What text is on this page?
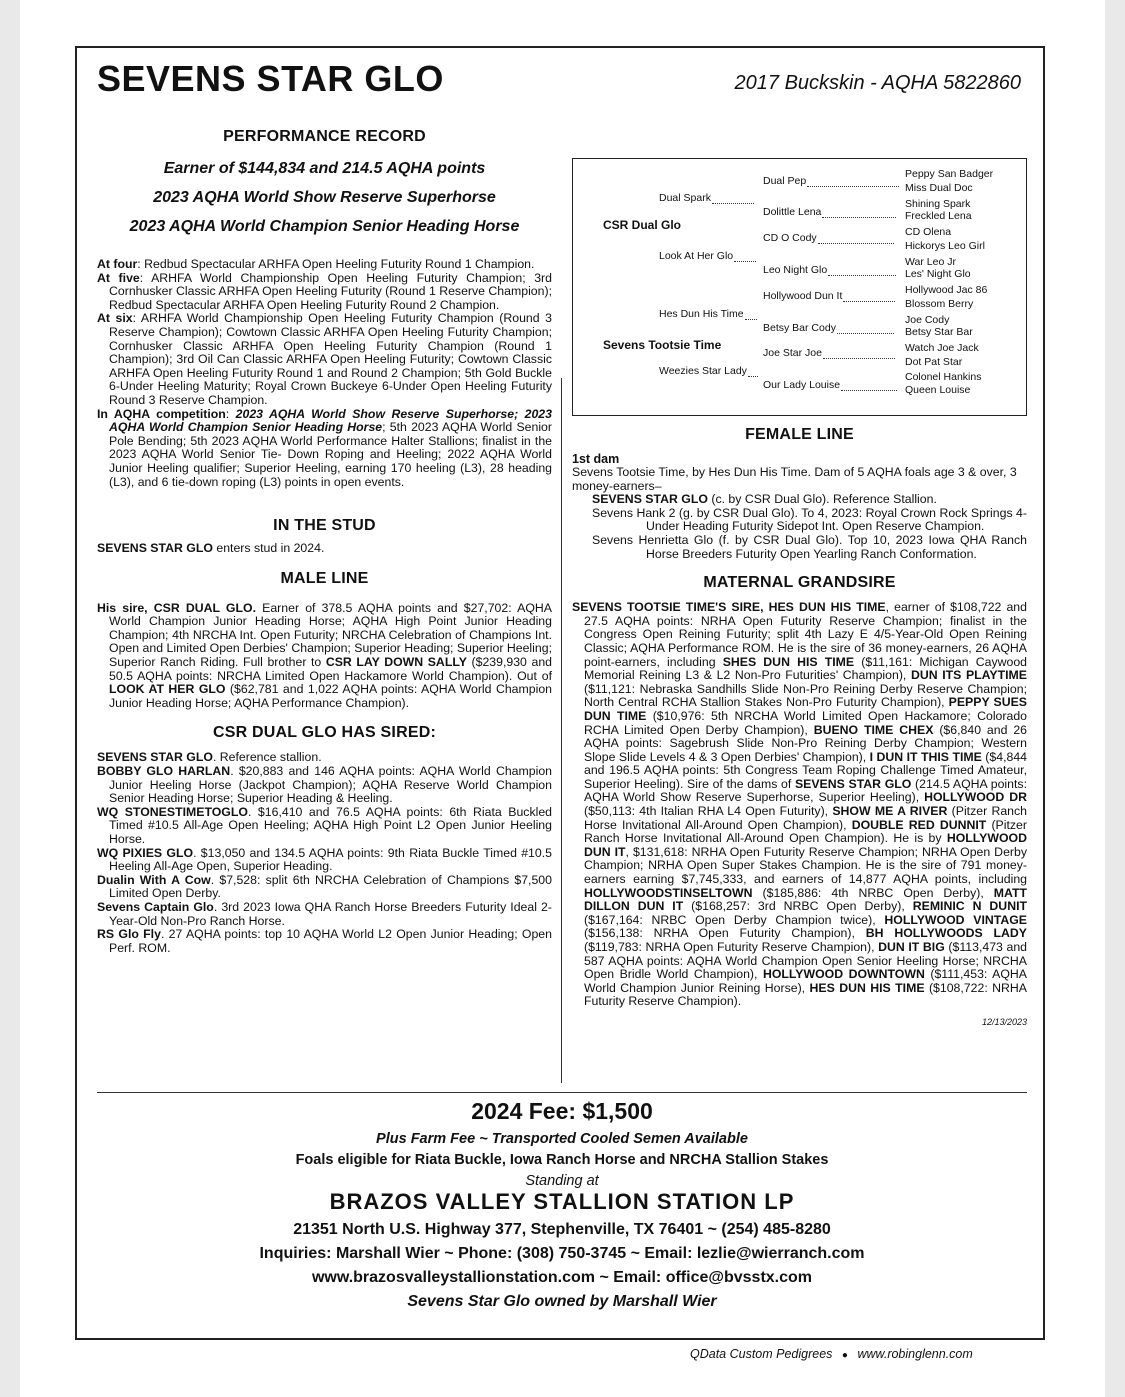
SEVENS STAR GLO	2017 Buckskin - AQHA 5822860
PERFORMANCE RECORD

Earner of $144,834 and 214.5 AQHA points

2023 AQHA World Show Reserve Superhorse

2023 AQHA World Champion Senior Heading Horse

At four: Redbud Spectacular ARHFA Open Heeling Futurity Round 1 Champion.

At five: ARHFA World Championship Open Heeling Futurity Champion; 3rd Cornhusker Classic ARHFA Open Heeling Futurity (Round 1 Reserve Champion); Redbud Spectacular ARHFA Open Heeling Futurity Round 2 Champion.

At six: ARHFA World Championship Open Heeling Futurity Champion (Round 3 Reserve Champion); Cowtown Classic ARHFA Open Heeling Futurity Champion; Cornhusker Classic ARHFA Open Heeling Futurity Champion (Round 1 Champion); 3rd Oil Can Classic ARHFA Open Heeling Futurity; Cowtown Classic ARHFA Open Heeling Futurity Round 1 and Round 2 Champion; 5th Gold Buckle 6-Under Heeling Maturity; Royal Crown Buckeye 6-Under Open Heeling Futurity Round 3 Reserve Champion.

In AQHA competition: 2023 AQHA World Show Reserve Superhorse; 2023 AQHA World Champion Senior Heading Horse; 5th 2023 AQHA World Senior Pole Bending; 5th 2023 AQHA World Performance Halter Stallions; finalist in the 2023 AQHA World Senior Tie- Down Roping and Heeling; 2022 AQHA World Junior Heeling qualifier; Superior Heeling, earning 170 heeling (L3), 28 heading (L3), and 6 tie-down roping (L3) points in open events.

IN THE STUD

SEVENS STAR GLO enters stud in 2024.

MALE LINE

His sire, CSR DUAL GLO. Earner of 378.5 AQHA points and $27,702: AQHA World Champion Junior Heading Horse; AQHA High Point Junior Heading Champion; 4th NRCHA Int. Open Futurity; NRCHA Celebration of Champions Int. Open and Limited Open Derbies' Champion; Superior Heading; Superior Heeling; Superior Ranch Riding. Full brother to CSR LAY DOWN SALLY ($239,930 and 50.5 AQHA points: NRCHA Limited Open Hackamore World Champion). Out of LOOK AT HER GLO ($62,781 and 1,022 AQHA points: AQHA World Champion Junior Heading Horse; AQHA Performance Champion).

CSR DUAL GLO HAS SIRED:

SEVENS STAR GLO. Reference stallion.

BOBBY GLO HARLAN. $20,883 and 146 AQHA points: AQHA World Champion Junior Heeling Horse (Jackpot Champion); AQHA Reserve World Champion Senior Heading Horse; Superior Heading & Heeling.

WQ STONESTIMETOGLO. $16,410 and 76.5 AQHA points: 6th Riata Buckled Timed #10.5 All-Age Open Heeling; AQHA High Point L2 Open Junior Heeling Horse.

WQ PIXIES GLO. $13,050 and 134.5 AQHA points: 9th Riata Buckle Timed #10.5 Heeling All-Age Open, Superior Heading.

Dualin With A Cow. $7,528: split 6th NRCHA Celebration of Champions $7,500 Limited Open Derby.

Sevens Captain Glo. 3rd 2023 Iowa QHA Ranch Horse Breeders Futurity Ideal 2-Year-Old Non-Pro Ranch Horse.

RS Glo Fly. 27 AQHA points: top 10 AQHA World L2 Open Junior Heading; Open Perf. ROM.

CSR Dual Glo
Sevens Tootsie Time
Dual Spark
Look At Her Glo
Hes Dun His Time
Weezies Star Lady
Dual Pep
Dolittle Lena
CD O Cody
Leo Night Glo
Hollywood Dun It
Betsy Bar Cody
Joe Star Joe
Our Lady Louise
Peppy San Badger
Miss Dual Doc
Shining Spark
Freckled Lena
CD Olena
Hickorys Leo Girl
War Leo Jr
Les' Night Glo
Hollywood Jac 86
Blossom Berry
Joe Cody
Betsy Star Bar
Watch Joe Jack
Dot Pat Star
Colonel Hankins
Queen Louise
FEMALE LINE

1st dam

Sevens Tootsie Time, by Hes Dun His Time. Dam of 5 AQHA foals age 3 & over, 3 money-earners–

SEVENS STAR GLO (c. by CSR Dual Glo). Reference Stallion.

Sevens Hank 2 (g. by CSR Dual Glo). To 4, 2023: Royal Crown Rock Springs 4-Under Heading Futurity Sidepot Int. Open Reserve Champion.

Sevens Henrietta Glo (f. by CSR Dual Glo). Top 10, 2023 Iowa QHA Ranch Horse Breeders Futurity Open Yearling Ranch Conformation.

MATERNAL GRANDSIRE

SEVENS TOOTSIE TIME'S SIRE, HES DUN HIS TIME, earner of $108,722 and 27.5 AQHA points: NRHA Open Futurity Reserve Champion; finalist in the Congress Open Reining Futurity; split 4th Lazy E 4/5-Year-Old Open Reining Classic; AQHA Performance ROM. He is the sire of 36 money-earners, 26 AQHA point-earners, including SHES DUN HIS TIME ($11,161: Michigan Caywood Memorial Reining L3 & L2 Non-Pro Futurities' Champion), DUN ITS PLAYTIME ($11,121: Nebraska Sandhills Slide Non-Pro Reining Derby Reserve Champion; North Central RCHA Stallion Stakes Non-Pro Futurity Champion), PEPPY SUES DUN TIME ($10,976: 5th NRCHA World Limited Open Hackamore; Colorado RCHA Limited Open Derby Champion), BUENO TIME CHEX ($6,840 and 26 AQHA points: Sagebrush Slide Non-Pro Reining Derby Champion; Western Slope Slide Levels 4 & 3 Open Derbies' Champion), I DUN IT THIS TIME ($4,844 and 196.5 AQHA points: 5th Congress Team Roping Challenge Timed Amateur, Superior Heeling). Sire of the dams of SEVENS STAR GLO (214.5 AQHA points: AQHA World Show Reserve Superhorse, Superior Heeling), HOLLYWOOD DR ($50,113: 4th Italian RHA L4 Open Futurity), SHOW ME A RIVER (Pitzer Ranch Horse Invitational All-Around Open Champion), DOUBLE RED DUNNIT (Pitzer Ranch Horse Invitational All-Around Open Champion). He is by HOLLYWOOD DUN IT, $131,618: NRHA Open Futurity Reserve Champion; NRHA Open Derby Champion; NRHA Open Super Stakes Champion. He is the sire of 791 money-earners earning $7,745,333, and earners of 14,877 AQHA points, including HOLLYWOODSTINSELTOWN ($185,886: 4th NRBC Open Derby), MATT DILLON DUN IT ($168,257: 3rd NRBC Open Derby), REMINIC N DUNIT ($167,164: NRBC Open Derby Champion twice), HOLLYWOOD VINTAGE ($156,138: NRHA Open Futurity Champion), BH HOLLYWOODS LADY ($119,783: NRHA Open Futurity Reserve Champion), DUN IT BIG ($113,473 and 587 AQHA points: AQHA World Champion Open Senior Heeling Horse; NRCHA Open Bridle World Champion), HOLLYWOOD DOWNTOWN ($111,453: AQHA World Champion Junior Reining Horse), HES DUN HIS TIME ($108,722: NRHA Futurity Reserve Champion).

12/13/2023

2024 Fee: $1,500

Plus Farm Fee ~ Transported Cooled Semen Available

Foals eligible for Riata Buckle, Iowa Ranch Horse and NRCHA Stallion Stakes

Standing at

BRAZOS VALLEY STALLION STATION LP

21351 North U.S. Highway 377, Stephenville, TX 76401 ~ (254) 485-8280

Inquiries: Marshall Wier ~ Phone: (308) 750-3745 ~ Email: lezlie@wierranch.com

www.brazosvalleystallionstation.com ~ Email: office@bvsstx.com

Sevens Star Glo owned by Marshall Wier

QData Custom Pedigrees ● www.robinglenn.com
